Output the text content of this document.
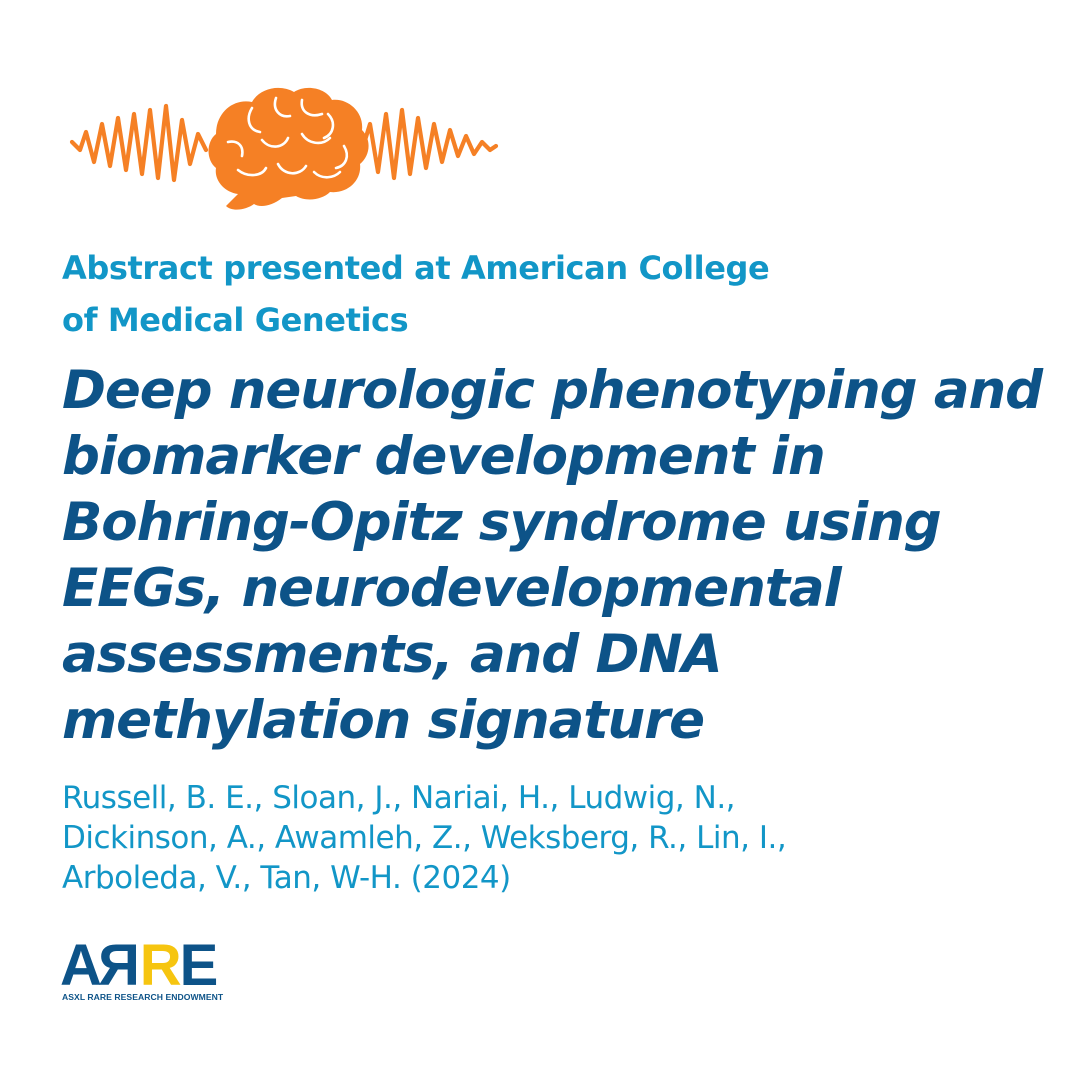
Abstract presented at American College
of Medical Genetics

Deep neurologic phenotyping and
biomarker development in
Bohring-Opitz syndrome using
EEGs, neurodevelopmental
assessments, and DNA
methylation signature

Russell, B. E., Sloan, J., Nariai, H., Ludwig, N.,
Dickinson, A., Awamleh, Z., Weksberg, R., Lin, I.,
Arboleda, V., Tan, W-H. (2024)

A R R E
ASXL RARE RESEARCH ENDOWMENT
